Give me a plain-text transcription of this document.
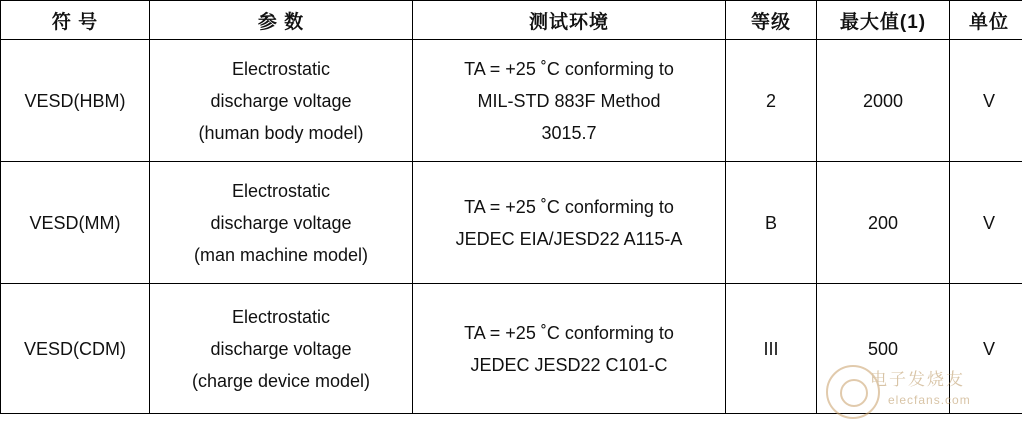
符 号	参 数	测试环境	等级	最大值(1)	单位
VESD(HBM)	Electrostatic
discharge voltage
(human body model)	TA = +25 ˚C conforming to
MIL-STD 883F Method
3015.7	2	2000	V
VESD(MM)	Electrostatic
discharge voltage
(man machine model)	TA = +25 ˚C conforming to
JEDEC EIA/JESD22 A115-A	B	200	V
VESD(CDM)	Electrostatic
discharge voltage
(charge device model)	TA = +25 ˚C conforming to
JEDEC JESD22 C101-C	III	500	V
电子发烧友
elecfans.com
